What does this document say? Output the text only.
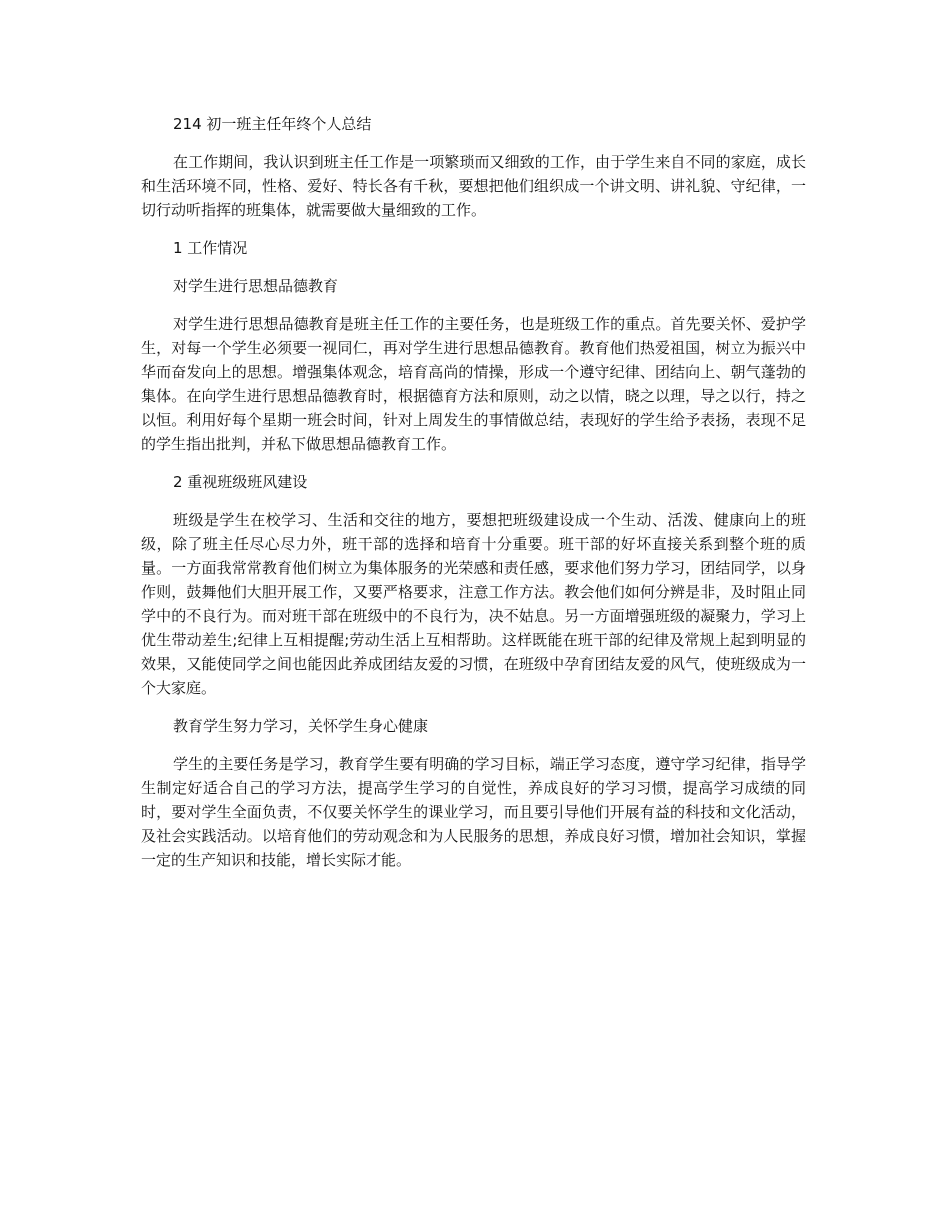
214 初一班主任年终个人总结

在工作期间，我认识到班主任工作是一项繁琐而又细致的工作，由于学生来自不同的家庭，成长和生活环境不同，性格、爱好、特长各有千秋，要想把他们组织成一个讲文明、讲礼貌、守纪律，一切行动听指挥的班集体，就需要做大量细致的工作。

1 工作情况

对学生进行思想品德教育

对学生进行思想品德教育是班主任工作的主要任务，也是班级工作的重点。首先要关怀、爱护学生，对每一个学生必须要一视同仁，再对学生进行思想品德教育。教育他们热爱祖国，树立为振兴中华而奋发向上的思想。增强集体观念，培育高尚的情操，形成一个遵守纪律、团结向上、朝气蓬勃的集体。在向学生进行思想品德教育时，根据德育方法和原则，动之以情，晓之以理，导之以行，持之以恒。利用好每个星期一班会时间，针对上周发生的事情做总结，表现好的学生给予表扬，表现不足的学生指出批判，并私下做思想品德教育工作。

2 重视班级班风建设

班级是学生在校学习、生活和交往的地方，要想把班级建设成一个生动、活泼、健康向上的班级，除了班主任尽心尽力外，班干部的选择和培育十分重要。班干部的好坏直接关系到整个班的质量。一方面我常常教育他们树立为集体服务的光荣感和责任感，要求他们努力学习，团结同学，以身作则，鼓舞他们大胆开展工作，又要严格要求，注意工作方法。教会他们如何分辨是非，及时阻止同学中的不良行为。而对班干部在班级中的不良行为，决不姑息。另一方面增强班级的凝聚力，学习上优生带动差生;纪律上互相提醒;劳动生活上互相帮助。这样既能在班干部的纪律及常规上起到明显的效果，又能使同学之间也能因此养成团结友爱的习惯，在班级中孕育团结友爱的风气，使班级成为一个大家庭。

教育学生努力学习，关怀学生身心健康

学生的主要任务是学习，教育学生要有明确的学习目标，端正学习态度，遵守学习纪律，指导学生制定好适合自己的学习方法，提高学生学习的自觉性，养成良好的学习习惯，提高学习成绩的同时，要对学生全面负责，不仅要关怀学生的课业学习，而且要引导他们开展有益的科技和文化活动，及社会实践活动。以培育他们的劳动观念和为人民服务的思想，养成良好习惯，增加社会知识，掌握一定的生产知识和技能，增长实际才能。
